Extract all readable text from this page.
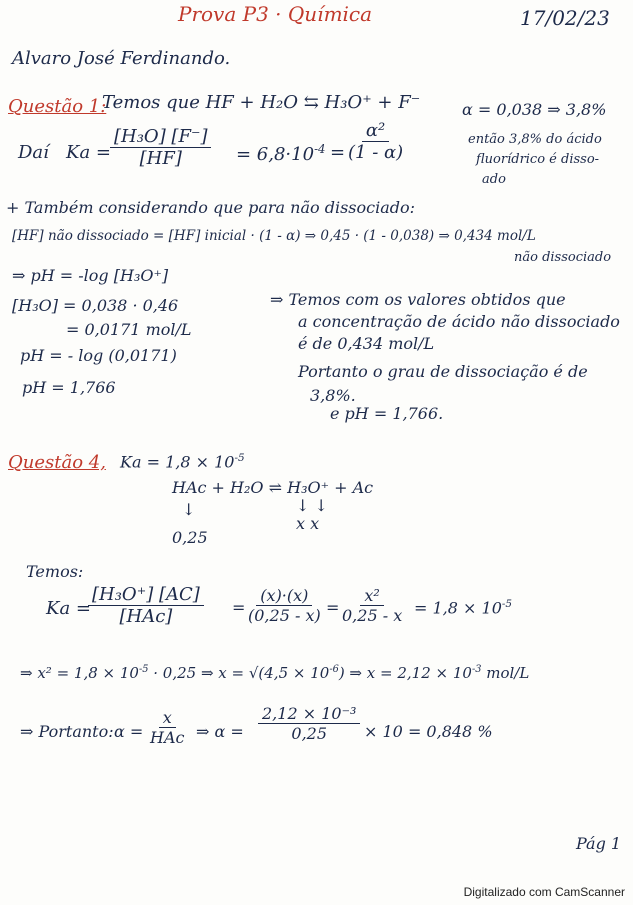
Prova P3 · Química	17/02/23
Alvaro José Ferdinando.
Questão 1:
Temos que HF + H₂O ⇆ H₃O⁺ + F⁻	α = 0,038 ⇒ 3,8%
Daí $Ka = \frac{\text{[H₃O] [F⁻]}}{[HF]} = 6,8\cdot 10^{-4}$ =
$\frac{\text{α²}}{(1 - \alpha)}$	então 3,8% do ácido
fluorídrico é disso-
ado
+ Também considerando que para não dissociado:
[HF] não dissociado = [HF] inicial · (1 - α) ⇒ 0,45 · (1 - 0,038) ⇒ 0,434 mol/L
não dissociado
⇒ pH = -log [H₃O⁺]
[H₃O] = 0,038 · 0,46
= 0,0171 mol/L
pH = - log (0,0171)
pH = 1,766
⇒ Temos com os valores obtidos que
a concentração de ácido não dissociado
é de 0,434 mol/L
Portanto o grau de dissociação é de
3,8%.
e pH = 1,766.
Questão 4, $Ka = 1,8 \times 10^{-5}$
HAc + H₂O ⇌ H₃O⁺ + Ac
↓	↓ ↓
x x
0,25
Temos:
Ka =
[H₃O⁺] [AC]
[HAc]	=
$\frac{(x)\cdot(x)}{(0,25 - x)}$ =
$\frac{\text{x²}}{0,25 - x} = 1,8 \times 10^{-5}$
⇒ $x^2 = 1,8 \times 10^{-5} \cdot 0,25$ ⇒ $x = √(4,5 \times 10^{-6})$ ⇒ $x = 2,12 \times 10^{-3}$ mol/L
⇒ Portanto: α =
x
HAc ⇒ $\alpha = \frac{\text{2,12 × 10⁻³}}{0,25} \times 10 = 0,848$ %
Pág 1
Digitalizado com CamScanner
